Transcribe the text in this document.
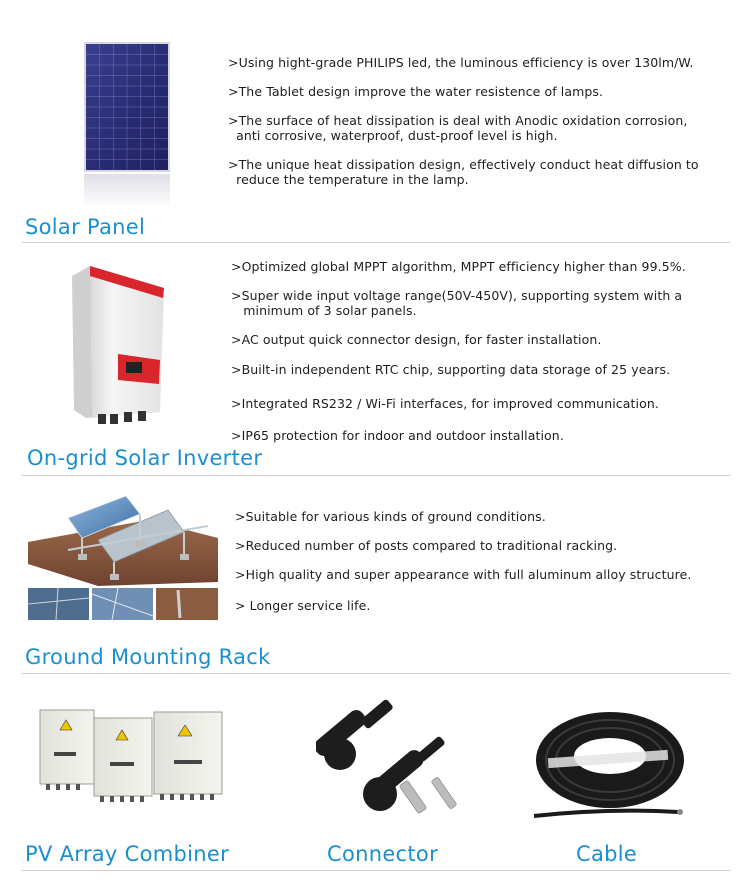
>Using hight-grade PHILIPS led, the luminous efficiency is over 130lm/W.
>The Tablet design improve the water resistence of lamps.
>The surface of heat dissipation is deal with Anodic oxidation corrosion,
anti corrosive, waterproof, dust-proof level is high.
>The unique heat dissipation design, effectively conduct heat diffusion to
reduce the temperature in the lamp.
Solar Panel
>Optimized global MPPT algorithm, MPPT efficiency higher than 99.5%.
>Super wide input voltage range(50V-450V), supporting system with a
minimum of 3 solar panels.
>AC output quick connector design, for faster installation.
>Built-in independent RTC chip, supporting data storage of 25 years.
>Integrated RS232 / Wi-Fi interfaces, for improved communication.
>IP65 protection for indoor and outdoor installation.
On-grid Solar Inverter
>Suitable for various kinds of ground conditions.
>Reduced number of posts compared to traditional racking.
>High quality and super appearance with full aluminum alloy structure.
> Longer service life.
Ground Mounting Rack
PV Array Combiner	Connector	Cable
